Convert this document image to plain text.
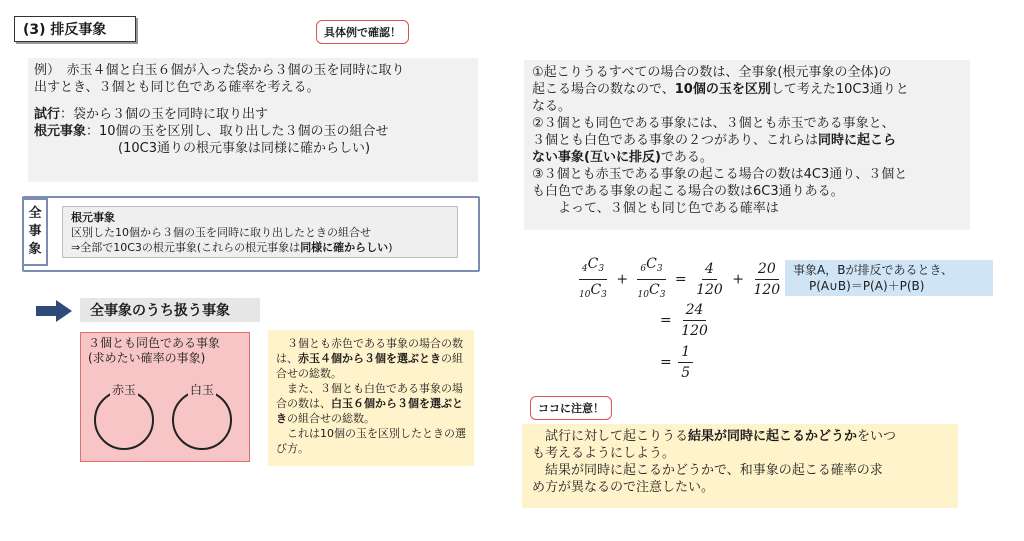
(3) 排反事象	具体例で確認！

例）　赤玉４個と白玉６個が入った袋から３個の玉を同時に取り

出すとき、３個とも同じ色である確率を考える。

試行：袋から３個の玉を同時に取り出す

根元事象：10個の玉を区別し、取り出した３個の玉の組合せ

(10C3通りの根元事象は同様に確からしい)

全
事
象
根元事象
区別した10個から３個の玉を同時に取り出したときの組合せ
⇒全部で10C3の根元事象(これらの根元事象は同様に確からしい)
全事象のうち扱う事象
３個とも同色である事象
(求めたい確率の事象)
赤玉	白玉

　３個とも赤色である事象の場合の数は、赤玉４個から３個を選ぶときの組合せの総数。

　また、３個とも白色である事象の場合の数は、白玉６個から３個を選ぶときの組合せの総数。

　これは10個の玉を区別したときの選び方。

①起こりうるすべての場合の数は、全事象(根元事象の全体)の

起こる場合の数なので、10個の玉を区別して考えた10C3通りと

なる。

②３個とも同色である事象には、３個とも赤玉である事象と、

３個とも白色である事象の２つがあり、これらは同時に起こら

ない事象(互いに排反)である。

③３個とも赤玉である事象の起こる場合の数は4C3通り、３個と

も白色である事象の起こる場合の数は6C3通りある。

よって、３個とも同じ色である確率は

$\frac{_4C_3}{_{10}C_3} + \frac{_6C_3}{_{10}C_3} = \frac{4}{120} + \frac{20}{120}$
= $\frac{24}{120}$
= $\frac{1}{5}$
事象A，Bが排反であるとき、
P(A∪B)＝P(A)＋P(B)
ココに注意！

　試行に対して起こりうる結果が同時に起こるかどうかをいつ

も考えるようにしよう。

　結果が同時に起こるかどうかで、和事象の起こる確率の求

め方が異なるので注意したい。
